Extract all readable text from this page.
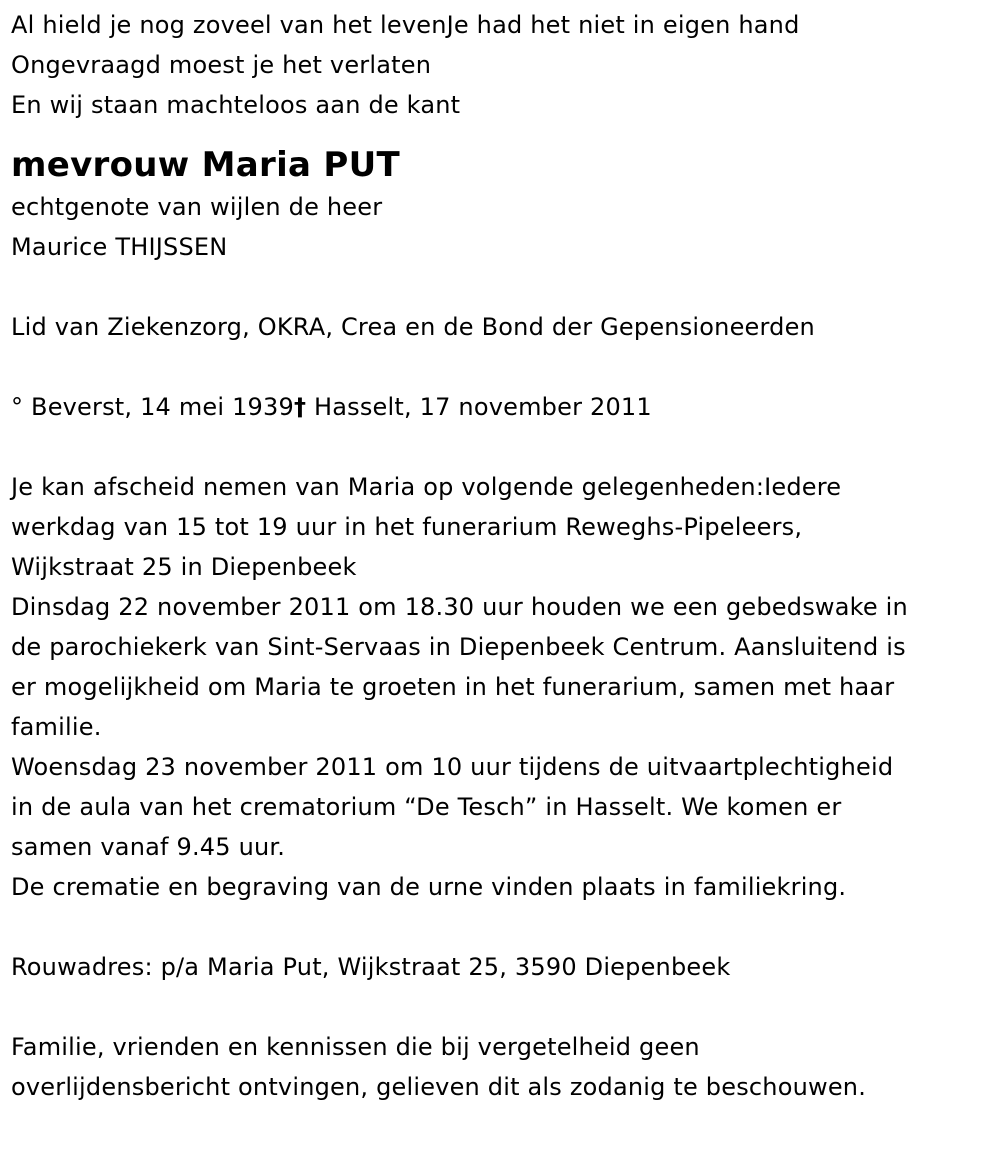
Al hield je nog zoveel van het levenJe had het niet in eigen hand
Ongevraagd moest je het verlaten
En wij staan machteloos aan de kant
mevrouw Maria PUT
echtgenote van wijlen de heer
Maurice THIJSSEN
Lid van Ziekenzorg, OKRA, Crea en de Bond der Gepensioneerden
° Beverst, 14 mei 1939† Hasselt, 17 november 2011
Je kan afscheid nemen van Maria op volgende gelegenheden:Iedere
werkdag van 15 tot 19 uur in het funerarium Reweghs-Pipeleers,
Wijkstraat 25 in Diepenbeek
Dinsdag 22 november 2011 om 18.30 uur houden we een gebedswake in
de parochiekerk van Sint-Servaas in Diepenbeek Centrum. Aansluitend is
er mogelijkheid om Maria te groeten in het funerarium, samen met haar
familie.
Woensdag 23 november 2011 om 10 uur tijdens de uitvaartplechtigheid
in de aula van het crematorium “De Tesch” in Hasselt. We komen er
samen vanaf 9.45 uur.
De crematie en begraving van de urne vinden plaats in familiekring.
Rouwadres: p/a Maria Put, Wijkstraat 25, 3590 Diepenbeek
Familie, vrienden en kennissen die bij vergetelheid geen
overlijdensbericht ontvingen, gelieven dit als zodanig te beschouwen.
